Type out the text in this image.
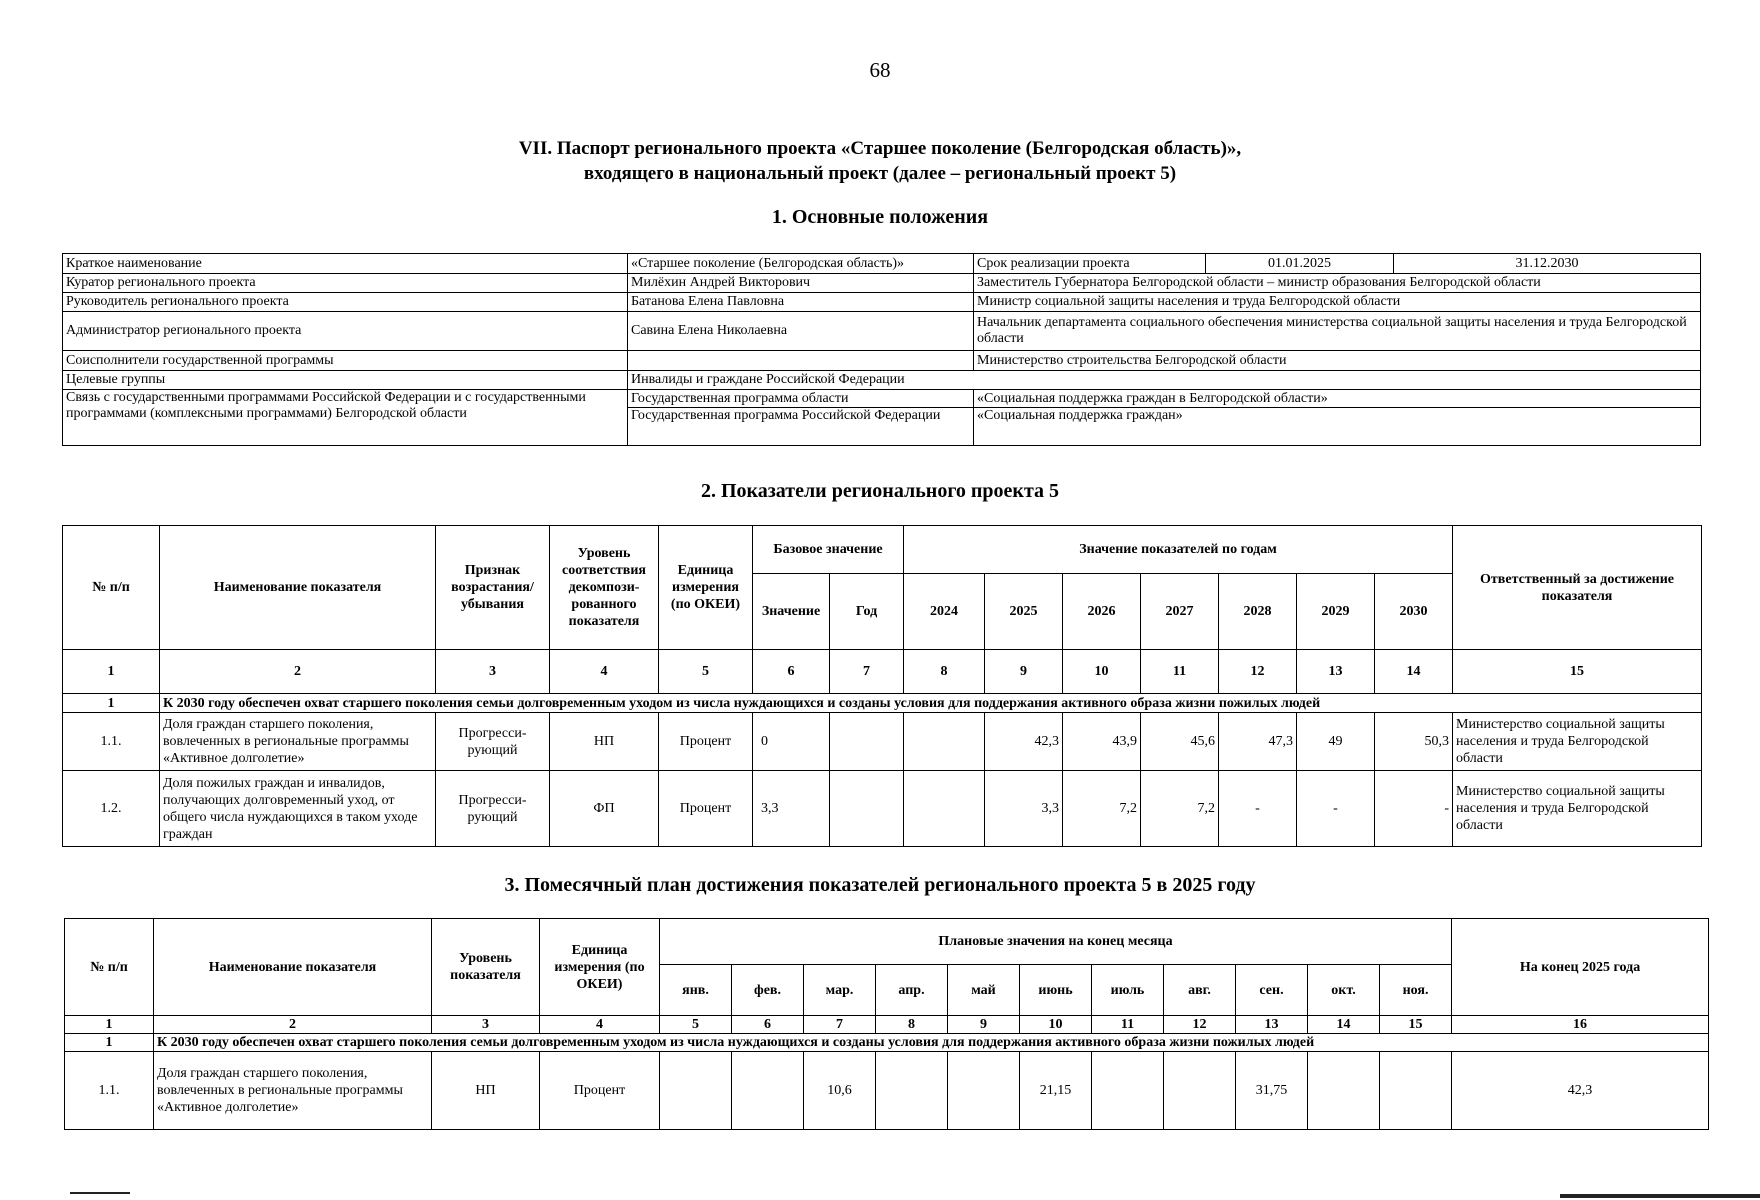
68
VII. Паспорт регионального проекта «Старшее поколение (Белгородская область)»,
входящего в национальный проект (далее – региональный проект 5)
1. Основные положения
Краткое наименование	«Старшее поколение (Белгородская область)»	Срок реализации проекта	01.01.2025	31.12.2030
Куратор регионального проекта	Милёхин Андрей Викторович	Заместитель Губернатора Белгородской области – министр образования Белгородской области		
Руководитель регионального проекта	Батанова Елена Павловна	Министр социальной защиты населения и труда Белгородской области		
Администратор регионального проекта	Савина Елена Николаевна	Начальник департамента социального обеспечения министерства социальной защиты населения и труда Белгородской области		
Соисполнители государственной программы		Министерство строительства Белгородской области		
Целевые группы	Инвалиды и граждане Российской Федерации			
Связь с государственными программами Российской Федерации и с государственными программами (комплексными программами) Белгородской области	Государственная программа области	«Социальная поддержка граждан в Белгородской области»		
	Государственная программа Российской Федерации	«Социальная поддержка граждан»		
2. Показатели регионального проекта 5
№ п/п	Наименование показателя	Признак возрастания/ убывания	Уровень соответствия декомпози-рованного показателя	Единица измерения (по ОКЕИ)	Базовое значение		Значение показателей по годам							Ответственный за достижение показателя
					Значение	Год	2024	2025	2026	2027	2028	2029	2030	
1	2	3	4	5	6	7	8	9	10	11	12	13	14	15
1	К 2030 году обеспечен охват старшего поколения семьи долговременным уходом из числа нуждающихся и созданы условия для поддержания активного образа жизни пожилых людей													
1.1.	Доля граждан старшего поколения, вовлеченных в региональные программы «Активное долголетие»	Прогресси-рующий	НП	Процент	0			42,3	43,9	45,6	47,3	49	50,3	Министерство социальной защиты населения и труда Белгородской области
1.2.	Доля пожилых граждан и инвалидов, получающих долговременный уход, от общего числа нуждающихся в таком уходе граждан	Прогресси-рующий	ФП	Процент	3,3			3,3	7,2	7,2	-	-	-	Министерство социальной защиты населения и труда Белгородской области
3. Помесячный план достижения показателей регионального проекта 5 в 2025 году
№ п/п	Наименование показателя	Уровень показателя	Единица измерения (по ОКЕИ)	Плановые значения на конец месяца											На конец 2025 года
				янв.	фев.	мар.	апр.	май	июнь	июль	авг.	сен.	окт.	ноя.	
1	2	3	4	5	6	7	8	9	10	11	12	13	14	15	16
1	К 2030 году обеспечен охват старшего поколения семьи долговременным уходом из числа нуждающихся и созданы условия для поддержания активного образа жизни пожилых людей														
1.1.	Доля граждан старшего поколения, вовлеченных в региональные программы «Активное долголетие»	НП	Процент			10,6			21,15			31,75			42,3
